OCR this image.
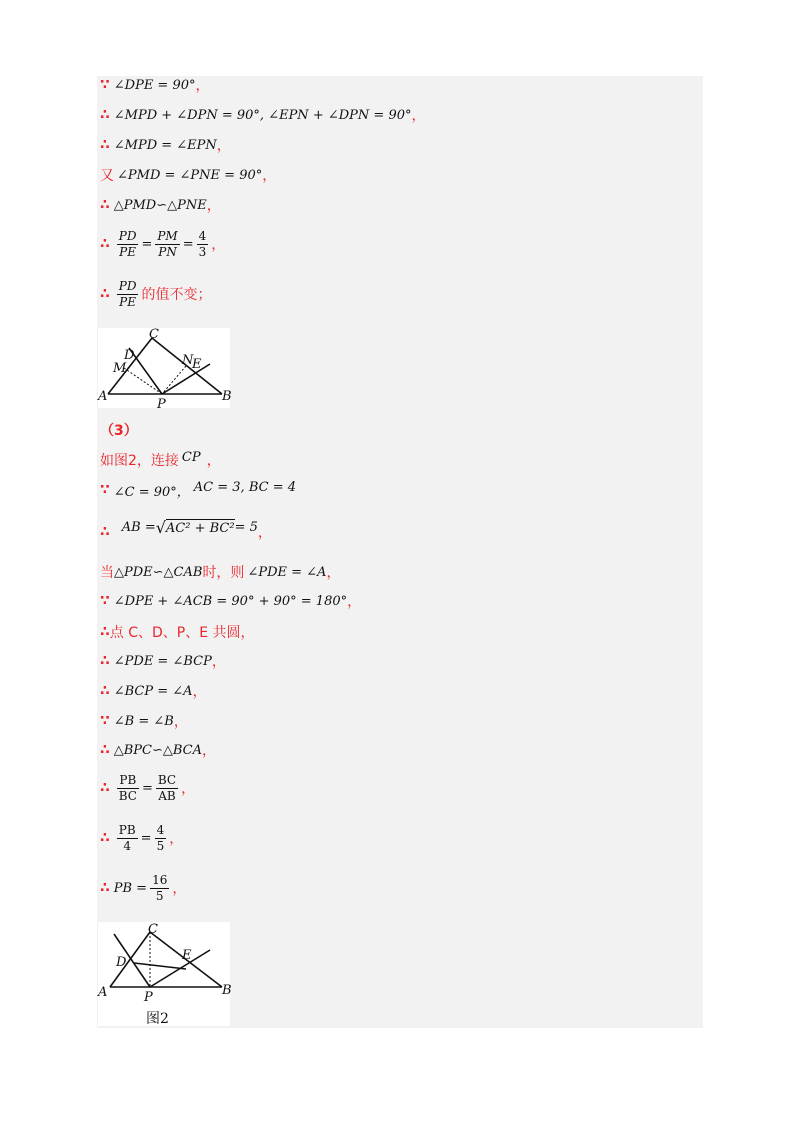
∵ ∠DPE = 90° ，
∴ ∠MPD + ∠DPN = 90°, ∠EPN + ∠DPN = 90° ，
∴ ∠MPD = ∠EPN ，
又 ∠PMD = ∠PNE = 90° ，
∴ △PMD∽△PNE ，
∴ $\frac{PD}{PE} = \frac{PM}{PN} = \frac{4}{3}$ ，
∴ $\frac{PD}{PE}$ 的值不变；
C
D
M
N
E
A
P
B
（3）
如图2，连接 CP ，
∵ ∠C = 90°， AC = 3, BC = 4
∴ AB = √ AC² + BC² = 5 ，
当 △PDE∽△CAB 时，则 ∠PDE = ∠A ，
∵ ∠DPE + ∠ACB = 90° + 90° = 180° ，
∴ 点 C、D、P、E 共圆，
∴ ∠PDE = ∠BCP ，
∴ ∠BCP = ∠A ，
∵ ∠B = ∠B ，
∴ △BPC∽△BCA ，
∴ $\frac{PB}{BC} = \frac{BC}{AB}$ ，
∴ $\frac{PB}{4} = \frac{4}{5}$ ，
∴ PB = $\frac{16}{5}$ ，
C
D	E
A	P	B
图2
